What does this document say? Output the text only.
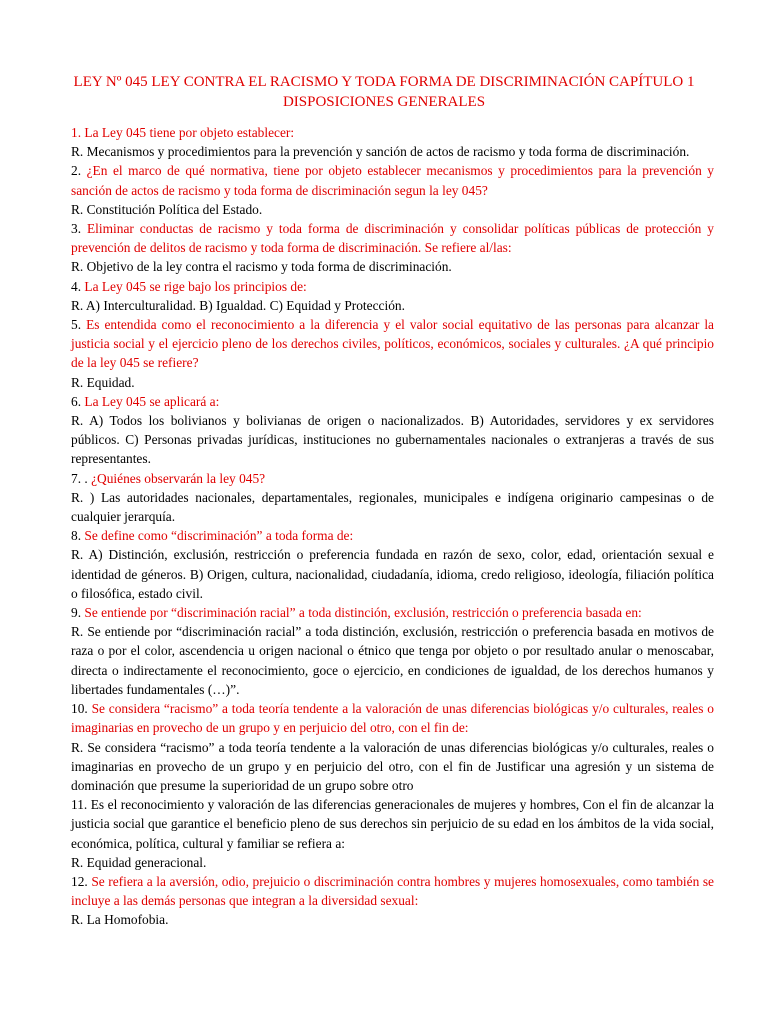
LEY Nº 045 LEY CONTRA EL RACISMO Y TODA FORMA DE DISCRIMINACIÓN CAPÍTULO 1
DISPOSICIONES GENERALES

1. La Ley 045 tiene por objeto establecer:

R. Mecanismos y procedimientos para la prevención y sanción de actos de racismo y toda forma de discriminación.

2. ¿En el marco de qué normativa, tiene por objeto establecer mecanismos y procedimientos para la prevención y sanción de actos de racismo y toda forma de discriminación segun la ley 045?

R. Constitución Política del Estado.

3. Eliminar conductas de racismo y toda forma de discriminación y consolidar políticas públicas de protección y prevención de delitos de racismo y toda forma de discriminación. Se refiere al/las:

R. Objetivo de la ley contra el racismo y toda forma de discriminación.

4. La Ley 045 se rige bajo los principios de:

R. A) Interculturalidad. B) Igualdad. C) Equidad y Protección.

5. Es entendida como el reconocimiento a la diferencia y el valor social equitativo de las personas para alcanzar la justicia social y el ejercicio pleno de los derechos civiles, políticos, económicos, sociales y culturales. ¿A qué principio de la ley 045 se refiere?

R. Equidad.

6. La Ley 045 se aplicará a:

R. A) Todos los bolivianos y bolivianas de origen o nacionalizados. B) Autoridades, servidores y ex servidores públicos. C) Personas privadas jurídicas, instituciones no gubernamentales nacionales o extranjeras a través de sus representantes.

7. . ¿Quiénes observarán la ley 045?

R. ) Las autoridades nacionales, departamentales, regionales, municipales e indígena originario campesinas o de cualquier jerarquía.

8. Se define como “discriminación” a toda forma de:

R. A) Distinción, exclusión, restricción o preferencia fundada en razón de sexo, color, edad, orientación sexual e identidad de géneros. B) Origen, cultura, nacionalidad, ciudadanía, idioma, credo religioso, ideología, filiación política o filosófica, estado civil.

9. Se entiende por “discriminación racial” a toda distinción, exclusión, restricción o preferencia basada en:

R. Se entiende por “discriminación racial” a toda distinción, exclusión, restricción o preferencia basada en motivos de raza o por el color, ascendencia u origen nacional o étnico que tenga por objeto o por resultado anular o menoscabar, directa o indirectamente el reconocimiento, goce o ejercicio, en condiciones de igualdad, de los derechos humanos y libertades fundamentales (…)”.

10. Se considera “racismo” a toda teoría tendente a la valoración de unas diferencias biológicas y/o culturales, reales o imaginarias en provecho de un grupo y en perjuicio del otro, con el fin de:

R. Se considera “racismo” a toda teoría tendente a la valoración de unas diferencias biológicas y/o culturales, reales o imaginarias en provecho de un grupo y en perjuicio del otro, con el fin de Justificar una agresión y un sistema de dominación que presume la superioridad de un grupo sobre otro

11. Es el reconocimiento y valoración de las diferencias generacionales de mujeres y hombres, Con el fin de alcanzar la justicia social que garantice el beneficio pleno de sus derechos sin perjuicio de su edad en los ámbitos de la vida social, económica, política, cultural y familiar se refiera a:

R. Equidad generacional.

12. Se refiera a la aversión, odio, prejuicio o discriminación contra hombres y mujeres homosexuales, como también se incluye a las demás personas que integran a la diversidad sexual:

R. La Homofobia.
